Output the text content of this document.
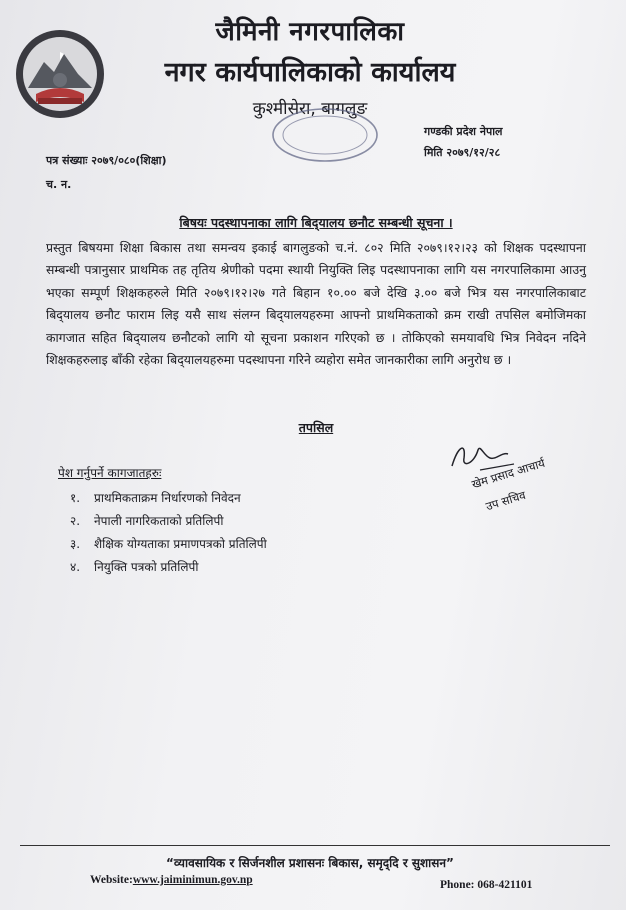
जैमिनी नगरपालिका
नगर कार्यपालिकाको कार्यालय
कुश्मीसेरा, बागलुङ
गण्डकी प्रदेश नेपाल
मिति २०७९/१२/२८
पत्र संख्याः २०७९/०८०(शिक्षा)
च. न.
बिषयः पदस्थापनाका लागि बिद्‌यालय छनौट सम्बन्धी सूचना ।
प्रस्तुत बिषयमा शिक्षा बिकास तथा समन्वय इकाई बागलुङको च.नं. ८०२ मिति २०७९।१२।२३ को शिक्षक पदस्थापना सम्बन्धी पत्रानुसार प्राथमिक तह तृतिय श्रेणीको पदमा स्थायी नियुक्ति लिइ पदस्थापनाका लागि यस नगरपालिकामा आउनु भएका सम्पूर्ण शिक्षकहरुले मिति २०७९।१२।२७ गते बिहान १०.०० बजे देखि ३.०० बजे भित्र यस नगरपालिकाबाट बिद्‌यालय छनौट फाराम लिइ यसै साथ संलग्न बिद्‌यालयहरुमा आफ्नो प्राथमिकताको क्रम राखी तपसिल बमोजिमका कागजात सहित बिद्‌यालय छनौटको लागि यो सूचना प्रकाशन गरिएको छ । तोकिएको समयावधि भित्र निवेदन नदिने शिक्षकहरुलाइ बाँकी रहेका बिद्‌यालयहरुमा पदस्थापना गरिने व्यहोरा समेत जानकारीका लागि अनुरोध छ ।
तपसिल
पेश गर्नुपर्ने कागजातहरुः
१. प्राथमिकताक्रम निर्धारणको निवेदन
२. नेपाली नागरिकताको प्रतिलिपी
३. शैक्षिक योग्यताका प्रमाणपत्रको प्रतिलिपी
४. नियुक्ति पत्रको प्रतिलिपी
खेम प्रसाद आचार्य
उप सचिव
“व्यावसायिक र सिर्जनशील प्रशासनः बिकास, समृद्‌दि र सुशासन”
Website:www.jaiminimun.gov.np	Phone: 068-421101
